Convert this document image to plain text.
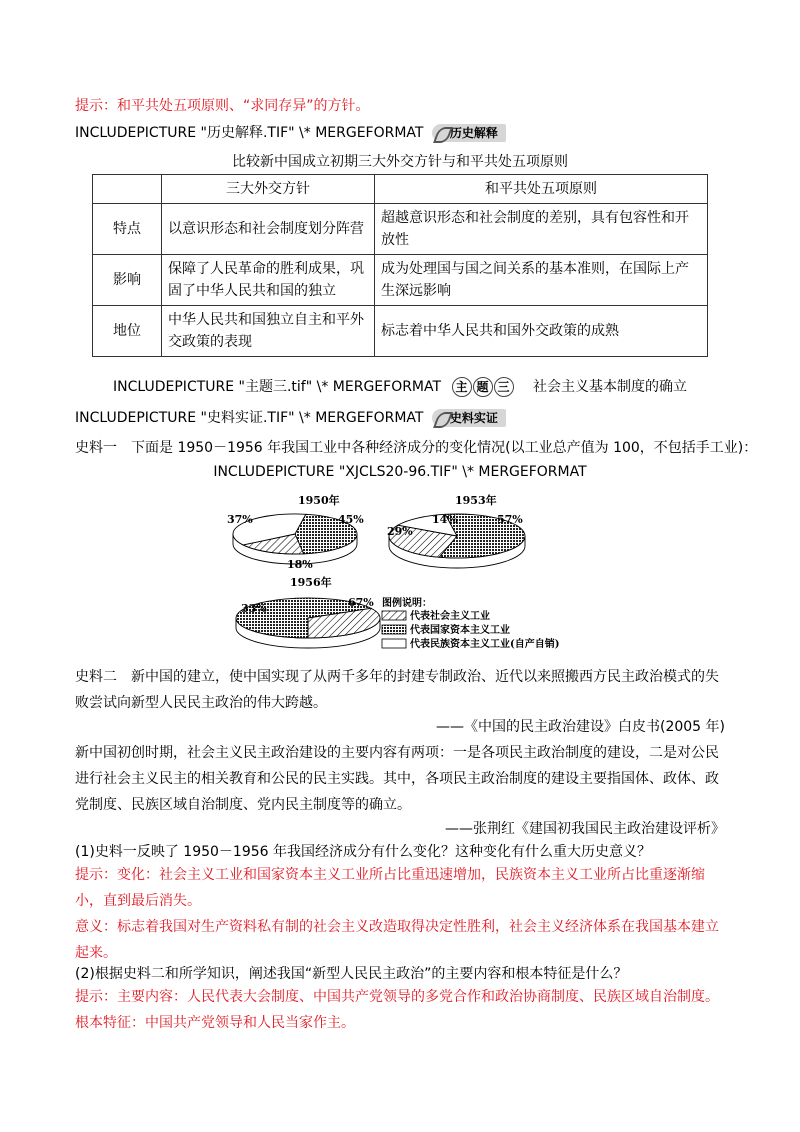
提示：和平共处五项原则、“求同存异”的方针。
INCLUDEPICTURE "历史解释.TIF" \* MERGEFORMAT 历史解释
比较新中国成立初期三大外交方针与和平共处五项原则
	三大外交方针	和平共处五项原则
特点	以意识形态和社会制度划分阵营	超越意识形态和社会制度的差别，具有包容性和开放性
影响	保障了人民革命的胜利成果，巩固了中华人民共和国的独立	成为处理国与国之间关系的基本准则，在国际上产生深远影响
地位	中华人民共和国独立自主和平外交政策的表现	标志着中华人民共和国外交政策的成熟
INCLUDEPICTURE "主题三.tif" \* MERGEFORMAT 主 题 三 社会主义基本制度的确立
INCLUDEPICTURE "史料实证.TIF" \* MERGEFORMAT 史料实证
史料一　下面是 1950－1956 年我国工业中各种经济成分的变化情况(以工业总产值为 100，不包括手工业)：
INCLUDEPICTURE "XJCLS20-96.TIF" \* MERGEFORMAT
1950年	1953年
1956年
45%
18%
37%	57%
29%
14%
67%
33%	图例说明：
代表社会主义工业
代表国家资本主义工业
代表民族资本主义工业(自产自销)
史料二　新中国的建立，使中国实现了从两千多年的封建专制政治、近代以来照搬西方民主政治模式的失败尝试向新型人民民主政治的伟大跨越。
——《中国的民主政治建设》白皮书(2005 年)
新中国初创时期，社会主义民主政治建设的主要内容有两项：一是各项民主政治制度的建设，二是对公民进行社会主义民主的相关教育和公民的民主实践。其中，各项民主政治制度的建设主要指国体、政体、政党制度、民族区域自治制度、党内民主制度等的确立。
——张荆红《建国初我国民主政治建设评析》
(1)史料一反映了 1950－1956 年我国经济成分有什么变化？这种变化有什么重大历史意义？
提示：变化：社会主义工业和国家资本主义工业所占比重迅速增加，民族资本主义工业所占比重逐渐缩小，直到最后消失。
意义：标志着我国对生产资料私有制的社会主义改造取得决定性胜利，社会主义经济体系在我国基本建立起来。
(2)根据史料二和所学知识，阐述我国“新型人民民主政治”的主要内容和根本特征是什么？
提示：主要内容：人民代表大会制度、中国共产党领导的多党合作和政治协商制度、民族区域自治制度。根本特征：中国共产党领导和人民当家作主。
